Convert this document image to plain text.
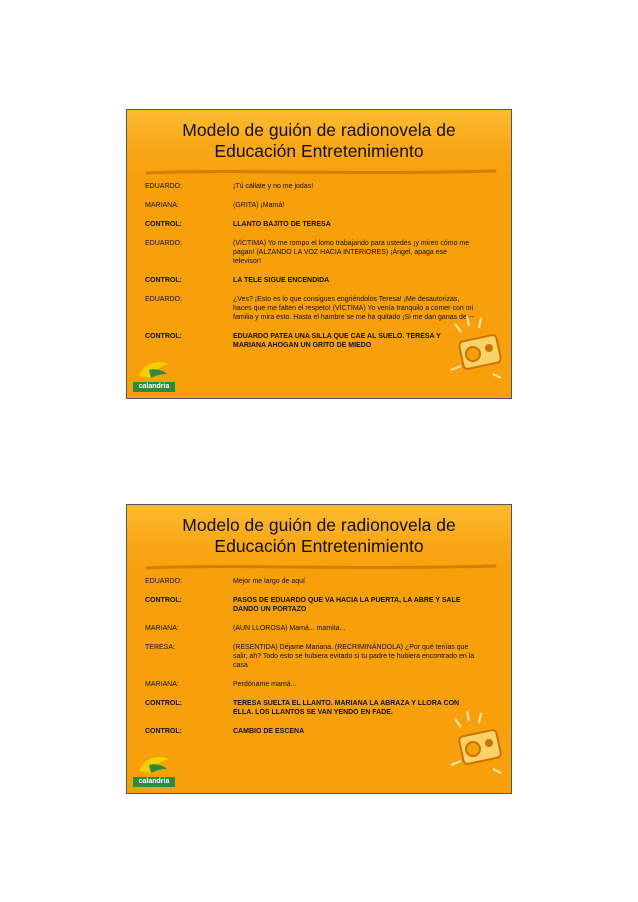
Modelo de guión de radionovela de
Educación Entretenimiento
EDUARDO:	¡Tú cállate y no me jodas!
MARIANA:	(GRITA) ¡Mamá!
CONTROL:	LLANTO BAJITO DE TERESA
EDUARDO:	(VÍCTIMA) Yo me rompo el lomo trabajando para ustedes ¡y miren cómo me pagan! (ALZANDO LA VOZ HACIA INTERIORES) ¡Ángel, apaga ese televisor!
CONTROL:	LA TELE SIGUE ENCENDIDA
EDUARDO:	¿Ves? ¡Esto es lo que consigues engriéndolos Teresa! ¡Me desautorizas, haces que me falten el respeto! (VÍCTIMA) Yo venía tranquilo a comer con mi familia y mira esto. Hasta el hambre se me ha quitado ¡Si me dan ganas de---
CONTROL:	EDUARDO PATEA UNA SILLA QUE CAE AL SUELO. TERESA Y MARIANA AHOGAN UN GRITO DE MIEDO
calandria
Modelo de guión de radionovela de
Educación Entretenimiento
EDUARDO:	Mejor me largo de aquí
CONTROL:	PASOS DE EDUARDO QUE VA HACIA LA PUERTA, LA ABRE Y SALE DANDO UN PORTAZO
MARIANA:	(AUN LLOROSA) Mamá... mamita...
TERESA:	(RESENTIDA) Déjame Mariana. (RECRIMINÁNDOLA) ¿Por qué tenías que salir, ah? Todo esto se hubiera evitado si tu padre te hubiera encontrado en la casa
MARIANA:	Perdóname mamá...
CONTROL:	TERESA SUELTA EL LLANTO. MARIANA LA ABRAZA Y LLORA CON ELLA. LOS LLANTOS SE VAN YENDO EN FADE.
CONTROL:	CAMBIO DE ESCENA
calandria
